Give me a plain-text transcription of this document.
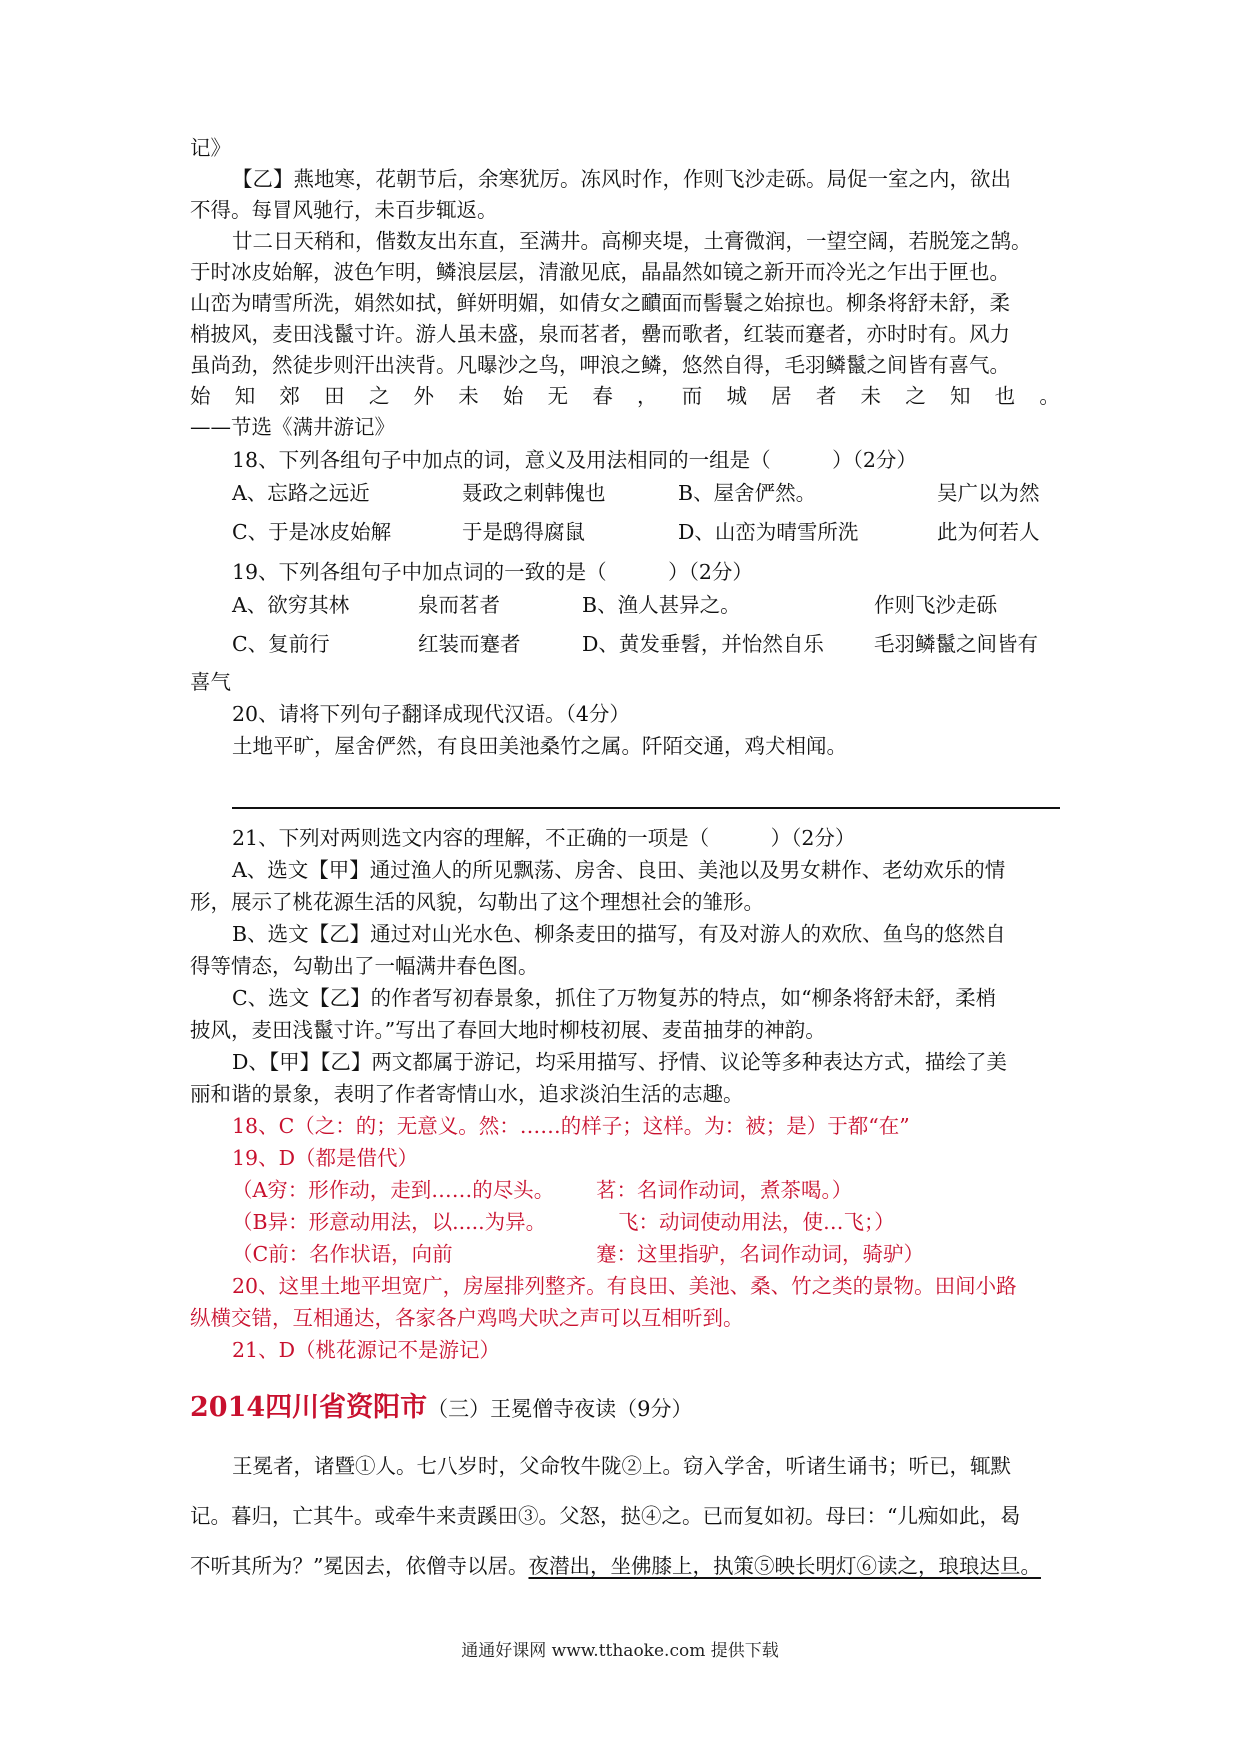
记》
【乙】燕地寒，花朝节后，余寒犹厉。冻风时作，作则飞沙走砾。局促一室之内，欲出
不得。每冒风驰行，未百步辄返。
廿二日天稍和，偕数友出东直，至满井。高柳夹堤，土膏微润，一望空阔，若脱笼之鹄。
于时冰皮始解，波色乍明，鳞浪层层，清澈见底，晶晶然如镜之新开而冷光之乍出于匣也。
山峦为晴雪所洗，娟然如拭，鲜妍明媚，如倩女之靧面而髻鬟之始掠也。柳条将舒未舒，柔
梢披风，麦田浅鬣寸许。游人虽未盛，泉而茗者，罍而歌者，红装而蹇者，亦时时有。风力
虽尚劲，然徒步则汗出浃背。凡曝沙之鸟，呷浪之鳞，悠然自得，毛羽鳞鬣之间皆有喜气。
始 知 郊 田 之 外 未 始 无 春 ， 而 城 居 者 未 之 知 也 。
——节选《满井游记》
18、下列各组句子中加点的词，意义及用法相同的一组是（　　　）（2分）
A、忘路之远近	聂政之刺韩傀也	B、屋舍俨然。	吴广以为然
C、于是冰皮始解	于是鸱得腐鼠	D、山峦为晴雪所洗	此为何若人
19、下列各组句子中加点词的一致的是（　　　）（2分）
A、欲穷其林	泉而茗者	B、渔人甚异之。	作则飞沙走砾
C、复前行	红装而蹇者	D、黄发垂髫，并怡然自乐 毛羽鳞鬣之间皆有
喜气
20、请将下列句子翻译成现代汉语。（4分）
土地平旷，屋舍俨然，有良田美池桑竹之属。阡陌交通，鸡犬相闻。
21、下列对两则选文内容的理解，不正确的一项是（　　　）（2分）
A、选文【甲】通过渔人的所见飘荡、房舍、良田、美池以及男女耕作、老幼欢乐的情
形，展示了桃花源生活的风貌，勾勒出了这个理想社会的雏形。
B、选文【乙】通过对山光水色、柳条麦田的描写，有及对游人的欢欣、鱼鸟的悠然自
得等情态，勾勒出了一幅满井春色图。
C、选文【乙】的作者写初春景象，抓住了万物复苏的特点，如“柳条将舒未舒，柔梢
披风，麦田浅鬣寸许。”写出了春回大地时柳枝初展、麦苗抽芽的神韵。
D、【甲】【乙】两文都属于游记，均采用描写、抒情、议论等多种表达方式，描绘了美
丽和谐的景象，表明了作者寄情山水，追求淡泊生活的志趣。
18、C（之：的；无意义。然：……的样子；这样。为：被；是）于都“在”
19、D（都是借代）
（A穷：形作动，走到……的尽头。 茗：名词作动词，煮茶喝。）
（B异：形意动用法，以.....为异。	飞：动词使动用法，使…飞；）
（C前：名作状语，向前	蹇：这里指驴，名词作动词，骑驴）
20、这里土地平坦宽广，房屋排列整齐。有良田、美池、桑、竹之类的景物。田间小路
纵横交错，互相通达，各家各户鸡鸣犬吠之声可以互相听到。
21、D（桃花源记不是游记）
2014四川省资阳市（三）王冕僧寺夜读（9分）
王冕者，诸暨①人。七八岁时，父命牧牛陇②上。窃入学舍，听诸生诵书；听已，辄默
记。暮归，亡其牛。或牵牛来责蹊田③。父怒，挞④之。已而复如初。母曰：“儿痴如此，曷
不听其所为？”冕因去，依僧寺以居。夜潜出，坐佛膝上，执策⑤映长明灯⑥读之，琅琅达旦。
通通好课网 www.tthaoke.com 提供下载
